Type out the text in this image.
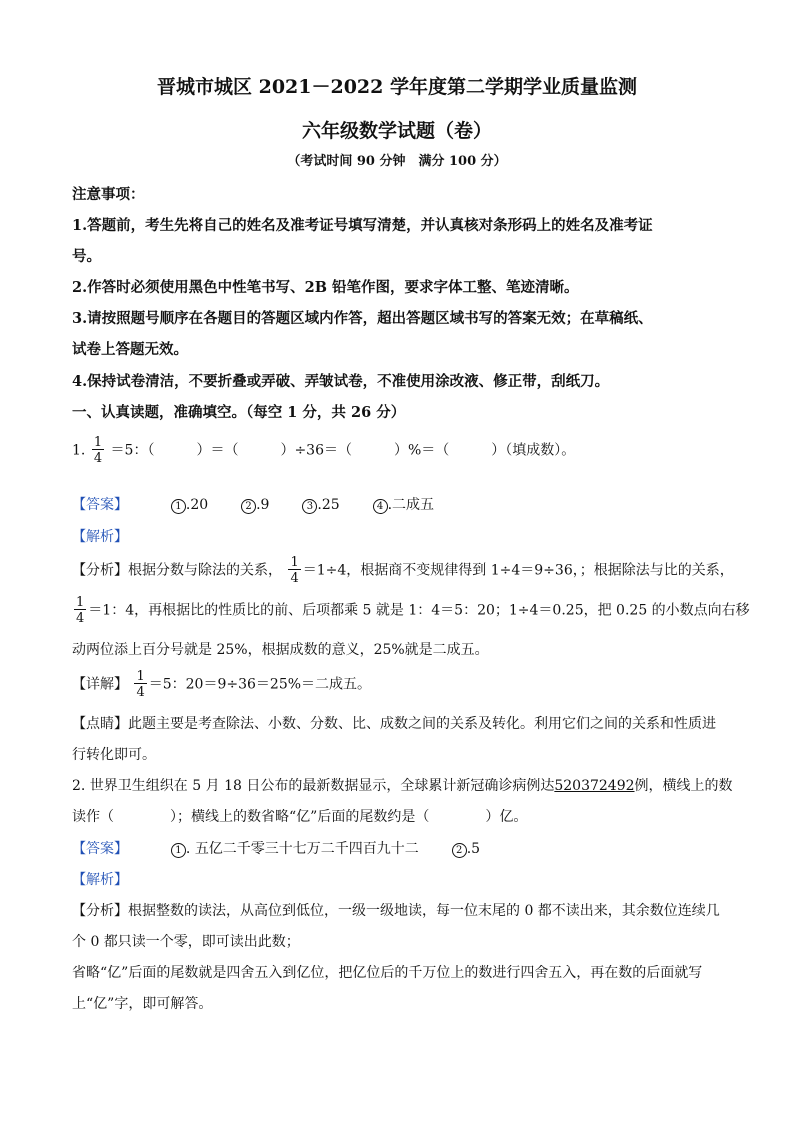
晋城市城区 2021－2022 学年度第二学期学业质量监测
六年级数学试题（卷）
（考试时间 90 分钟　满分 100 分）
注意事项：
1.答题前，考生先将自己的姓名及准考证号填写清楚，并认真核对条形码上的姓名及准考证
号。
2.作答时必须使用黑色中性笔书写、2B 铅笔作图，要求字体工整、笔迹清晰。
3.请按照题号顺序在各题目的答题区域内作答，超出答题区域书写的答案无效；在草稿纸、
试卷上答题无效。
4.保持试卷清洁，不要折叠或弄破、弄皱试卷，不准使用涂改液、修正带，刮纸刀。
一、认真读题，准确填空。（每空 1 分，共 26 分）
1. $\frac{1}{4} =5$：（　　　）＝（　　　）÷36＝（　　　）%＝（　　　）（填成数）。
【答案】	1 .20	2 .9	3 .25	4 .二成五
【解析】
【分析】根据分数与除法的关系， $\frac{1}{4} =1\div 4$，根据商不变规律得到 1÷4＝9÷36，；根据除法与比的关系，
$\frac{1}{4} =1$：4，再根据比的性质比的前、后项都乘 5 就是 1：4＝5：20；1÷4＝0.25，把 0.25 的小数点向右移
动两位添上百分号就是 25%，根据成数的意义，25%就是二成五。
【详解】 $\frac{1}{4} =5$：20＝9÷36＝25%＝二成五。
【点睛】此题主要是考查除法、小数、分数、比、成数之间的关系及转化。利用它们之间的关系和性质进
行转化即可。
2. 世界卫生组织在 5 月 18 日公布的最新数据显示，全球累计新冠确诊病例达520372492例，横线上的数
读作（　　　　）；横线上的数省略“亿”后面的尾数约是（　　　　）亿。
【答案】	1 . 五亿二千零三十七万二千四百九十二	2 .5
【解析】
【分析】根据整数的读法，从高位到低位，一级一级地读，每一位末尾的 0 都不读出来，其余数位连续几
个 0 都只读一个零，即可读出此数；
省略“亿”后面的尾数就是四舍五入到亿位，把亿位后的千万位上的数进行四舍五入，再在数的后面就写
上“亿”字，即可解答。
